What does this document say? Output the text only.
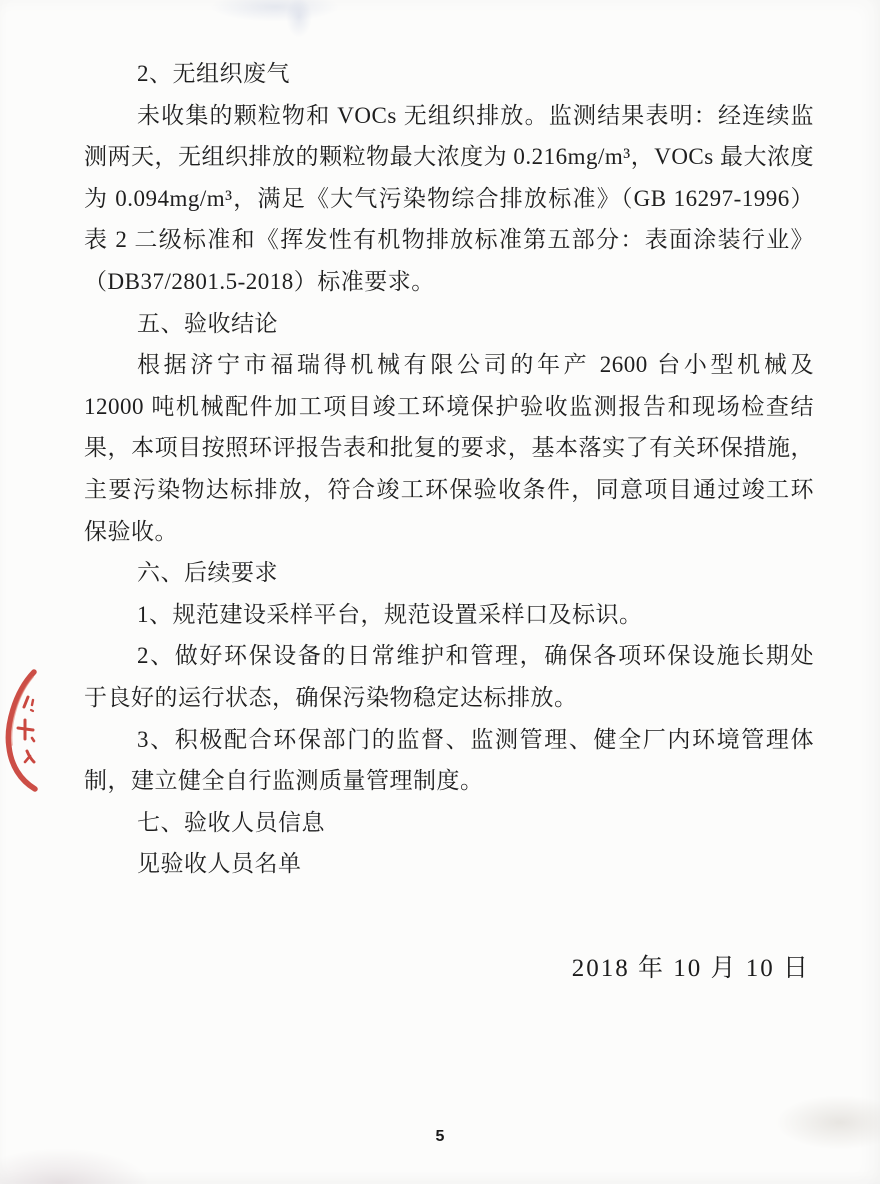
2、无组织废气
未收集的颗粒物和 VOCs 无组织排放。监测结果表明：经连续监
测两天，无组织排放的颗粒物最大浓度为 0.216mg/m³，VOCs 最大浓度
为 0.094mg/m³，满足《大气污染物综合排放标准》（GB 16297-1996）
表 2 二级标准和《挥发性有机物排放标准第五部分：表面涂装行业》
（DB37/2801.5-2018）标准要求。
五、验收结论
根据济宁市福瑞得机械有限公司的年产 2600 台小型机械及
12000 吨机械配件加工项目竣工环境保护验收监测报告和现场检查结
果，本项目按照环评报告表和批复的要求，基本落实了有关环保措施，
主要污染物达标排放，符合竣工环保验收条件，同意项目通过竣工环
保验收。
六、后续要求
1、规范建设采样平台，规范设置采样口及标识。
2、做好环保设备的日常维护和管理，确保各项环保设施长期处
于良好的运行状态，确保污染物稳定达标排放。
3、积极配合环保部门的监督、监测管理、健全厂内环境管理体
制，建立健全自行监测质量管理制度。
七、验收人员信息
见验收人员名单
2018 年 10 月 10 日
5
